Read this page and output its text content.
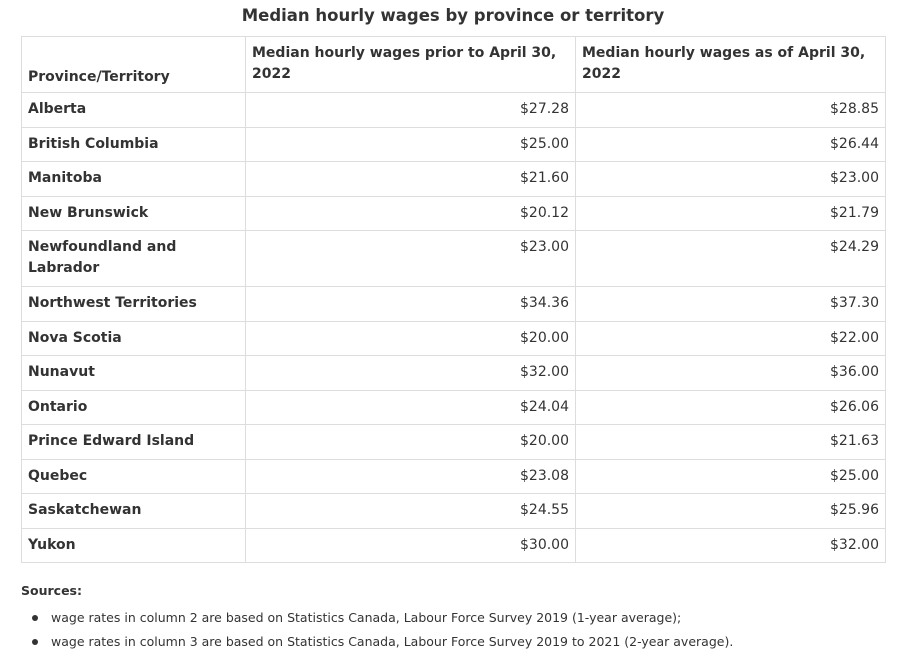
Median hourly wages by province or territory
Province/Territory	Median hourly wages prior to April 30, 2022	Median hourly wages as of April 30, 2022
Alberta	$27.28	$28.85
British Columbia	$25.00	$26.44
Manitoba	$21.60	$23.00
New Brunswick	$20.12	$21.79
Newfoundland and Labrador	$23.00	$24.29
Northwest Territories	$34.36	$37.30
Nova Scotia	$20.00	$22.00
Nunavut	$32.00	$36.00
Ontario	$24.04	$26.06
Prince Edward Island	$20.00	$21.63
Quebec	$23.08	$25.00
Saskatchewan	$24.55	$25.96
Yukon	$30.00	$32.00
Sources:
wage rates in column 2 are based on Statistics Canada, Labour Force Survey 2019 (1-year average);
wage rates in column 3 are based on Statistics Canada, Labour Force Survey 2019 to 2021 (2-year average).
